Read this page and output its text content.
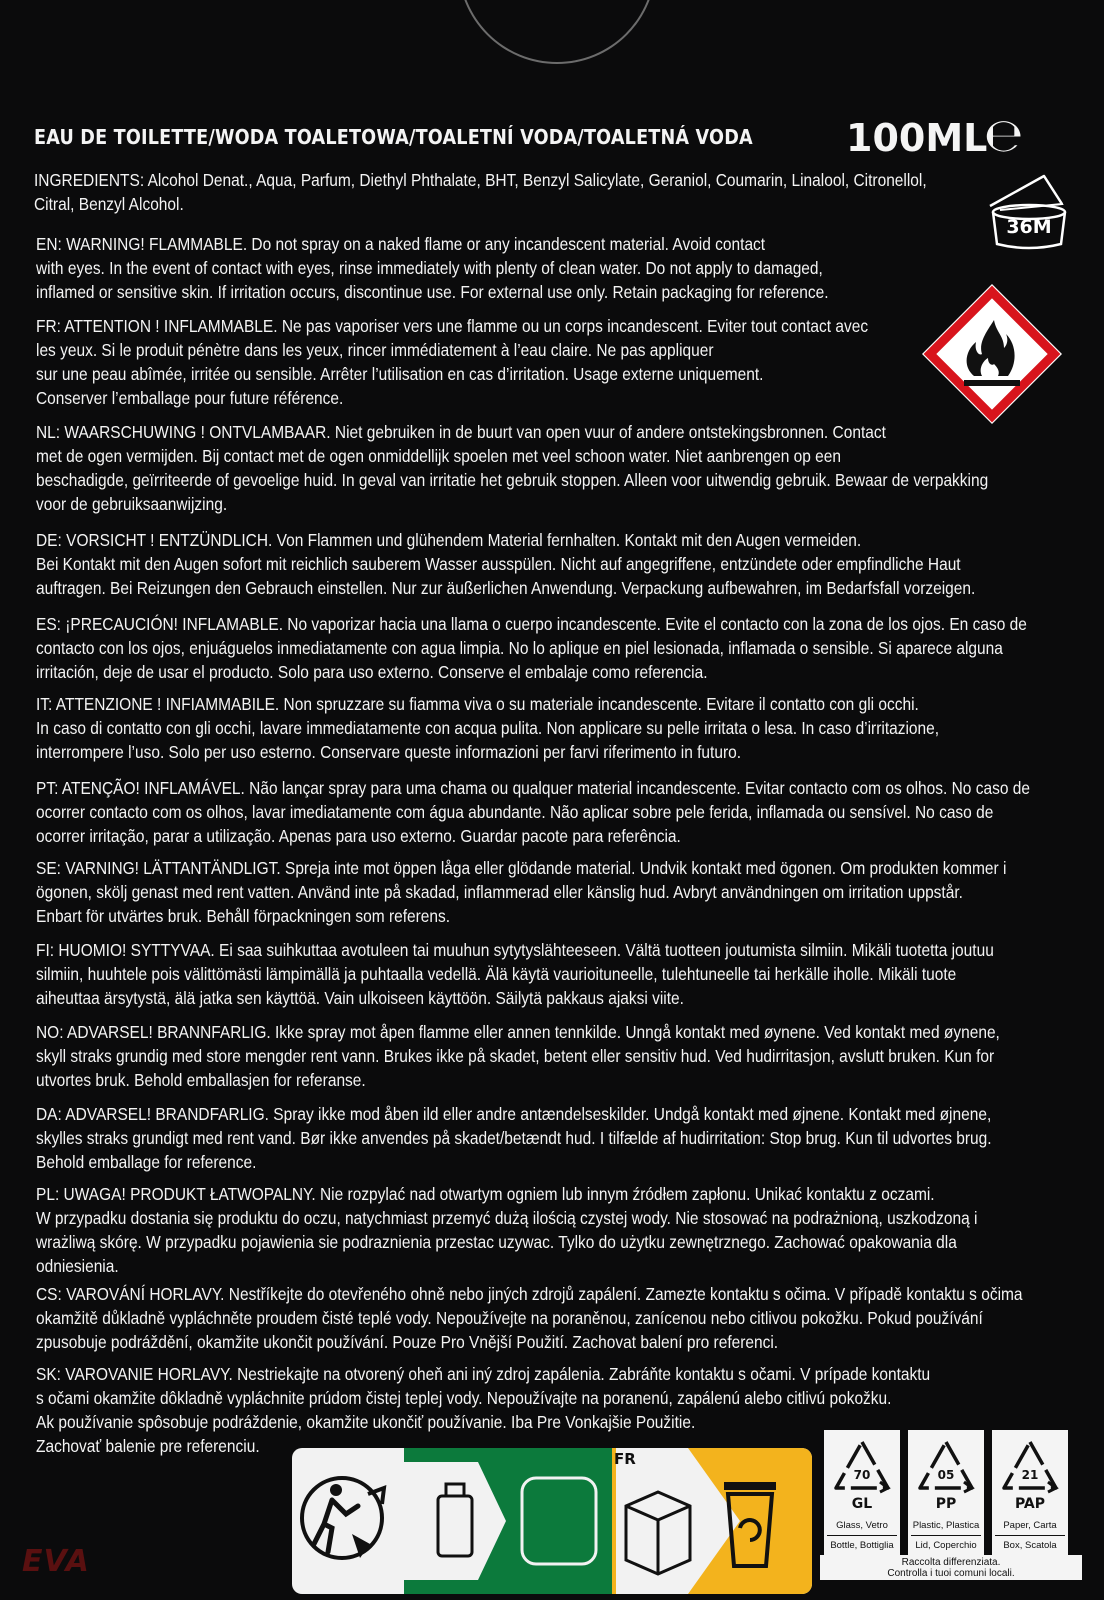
EAU DE TOILETTE/WODA TOALETOWA/TOALETNÍ VODA/TOALETNÁ VODA 100ML
℮
36M
INGREDIENTS: Alcohol Denat., Aqua, Parfum, Diethyl Phthalate, BHT, Benzyl Salicylate, Geraniol, Coumarin, Linalool, Citronellol,
Citral, Benzyl Alcohol.
EN: WARNING! FLAMMABLE. Do not spray on a naked flame or any incandescent material. Avoid contact
with eyes. In the event of contact with eyes, rinse immediately with plenty of clean water. Do not apply to damaged,
inflamed or sensitive skin. If irritation occurs, discontinue use. For external use only. Retain packaging for reference.
FR: ATTENTION ! INFLAMMABLE. Ne pas vaporiser vers une flamme ou un corps incandescent. Eviter tout contact avec
les yeux. Si le produit pénètre dans les yeux, rincer immédiatement à l’eau claire. Ne pas appliquer
sur une peau abîmée, irritée ou sensible. Arrêter l’utilisation en cas d’irritation. Usage externe uniquement.
Conserver l’emballage pour future référence.
NL: WAARSCHUWING ! ONTVLAMBAAR. Niet gebruiken in de buurt van open vuur of andere ontstekingsbronnen. Contact
met de ogen vermijden. Bij contact met de ogen onmiddellijk spoelen met veel schoon water. Niet aanbrengen op een
beschadigde, geïrriteerde of gevoelige huid. In geval van irritatie het gebruik stoppen. Alleen voor uitwendig gebruik. Bewaar de verpakking
voor de gebruiksaanwijzing.
DE: VORSICHT ! ENTZÜNDLICH. Von Flammen und glühendem Material fernhalten. Kontakt mit den Augen vermeiden.
Bei Kontakt mit den Augen sofort mit reichlich sauberem Wasser ausspülen. Nicht auf angegriffene, entzündete oder empfindliche Haut
auftragen. Bei Reizungen den Gebrauch einstellen. Nur zur äußerlichen Anwendung. Verpackung aufbewahren, im Bedarfsfall vorzeigen.
ES: ¡PRECAUCIÓN! INFLAMABLE. No vaporizar hacia una llama o cuerpo incandescente. Evite el contacto con la zona de los ojos. En caso de
contacto con los ojos, enjuáguelos inmediatamente con agua limpia. No lo aplique en piel lesionada, inflamada o sensible. Si aparece alguna
irritación, deje de usar el producto. Solo para uso externo. Conserve el embalaje como referencia.
IT: ATTENZIONE ! INFIAMMABILE. Non spruzzare su fiamma viva o su materiale incandescente. Evitare il contatto con gli occhi.
In caso di contatto con gli occhi, lavare immediatamente con acqua pulita. Non applicare su pelle irritata o lesa. In caso d’irritazione,
interrompere l’uso. Solo per uso esterno. Conservare queste informazioni per farvi riferimento in futuro.
PT: ATENÇÃO! INFLAMÁVEL. Não lançar spray para uma chama ou qualquer material incandescente. Evitar contacto com os olhos. No caso de
ocorrer contacto com os olhos, lavar imediatamente com água abundante. Não aplicar sobre pele ferida, inflamada ou sensível. No caso de
ocorrer irritação, parar a utilização. Apenas para uso externo. Guardar pacote para referência.
SE: VARNING! LÄTTANTÄNDLIGT. Spreja inte mot öppen låga eller glödande material. Undvik kontakt med ögonen. Om produkten kommer i
ögonen, skölj genast med rent vatten. Använd inte på skadad, inflammerad eller känslig hud. Avbryt användningen om irritation uppstår.
Enbart för utvärtes bruk. Behåll förpackningen som referens.
FI: HUOMIO! SYTTYVAA. Ei saa suihkuttaa avotuleen tai muuhun sytytyslähteeseen. Vältä tuotteen joutumista silmiin. Mikäli tuotetta joutuu
silmiin, huuhtele pois välittömästi lämpimällä ja puhtaalla vedellä. Älä käytä vaurioituneelle, tulehtuneelle tai herkälle iholle. Mikäli tuote
aiheuttaa ärsytystä, älä jatka sen käyttöä. Vain ulkoiseen käyttöön. Säilytä pakkaus ajaksi viite.
NO: ADVARSEL! BRANNFARLIG. Ikke spray mot åpen flamme eller annen tennkilde. Unngå kontakt med øynene. Ved kontakt med øynene,
skyll straks grundig med store mengder rent vann. Brukes ikke på skadet, betent eller sensitiv hud. Ved hudirritasjon, avslutt bruken. Kun for
utvortes bruk. Behold emballasjen for referanse.
DA: ADVARSEL! BRANDFARLIG. Spray ikke mod åben ild eller andre antændelseskilder. Undgå kontakt med øjnene. Kontakt med øjnene,
skylles straks grundigt med rent vand. Bør ikke anvendes på skadet/betændt hud. I tilfælde af hudirritation: Stop brug. Kun til udvortes brug.
Behold emballage for reference.
PL: UWAGA! PRODUKT ŁATWOPALNY. Nie rozpylać nad otwartym ogniem lub innym źródłem zapłonu. Unikać kontaktu z oczami.
W przypadku dostania się produktu do oczu, natychmiast przemyć dużą ilością czystej wody. Nie stosować na podrażnioną, uszkodzoną i
wrażliwą skórę. W przypadku pojawienia sie podraznienia przestac uzywac. Tylko do użytku zewnętrznego. Zachować opakowania dla
odniesienia.
CS: VAROVÁNÍ HORLAVY. Nestříkejte do otevřeného ohně nebo jiných zdrojů zapálení. Zamezte kontaktu s očima. V případě kontaktu s očima
okamžitě důkladně vypláchněte proudem čisté teplé vody. Nepoužívejte na poraněnou, zanícenou nebo citlivou pokožku. Pokud používání
zpusobuje podráždění, okamžite ukončit používání. Pouze Pro Vnější Použití. Zachovat balení pro referenci.
SK: VAROVANIE HORLAVY. Nestriekajte na otvorený oheň ani iný zdroj zapálenia. Zabráňte kontaktu s očami. V prípade kontaktu
s očami okamžite dôkladně vypláchnite prúdom čistej teplej vody. Nepoužívajte na poranenú, zapálenú alebo citlivú pokožku.
Ak používanie spôsobuje podráždenie, okamžite ukončiť používanie. Iba Pre Vonkajšie Použitie.
Zachovať balenie pre referenciu.
EVA
FR
70
GL
Glass, Vetro
Bottle, Bottiglia
05
PP
Plastic, Plastica
Lid, Coperchio
21
PAP
Paper, Carta
Box, Scatola
Raccolta differenziata.
Controlla i tuoi comuni locali.
